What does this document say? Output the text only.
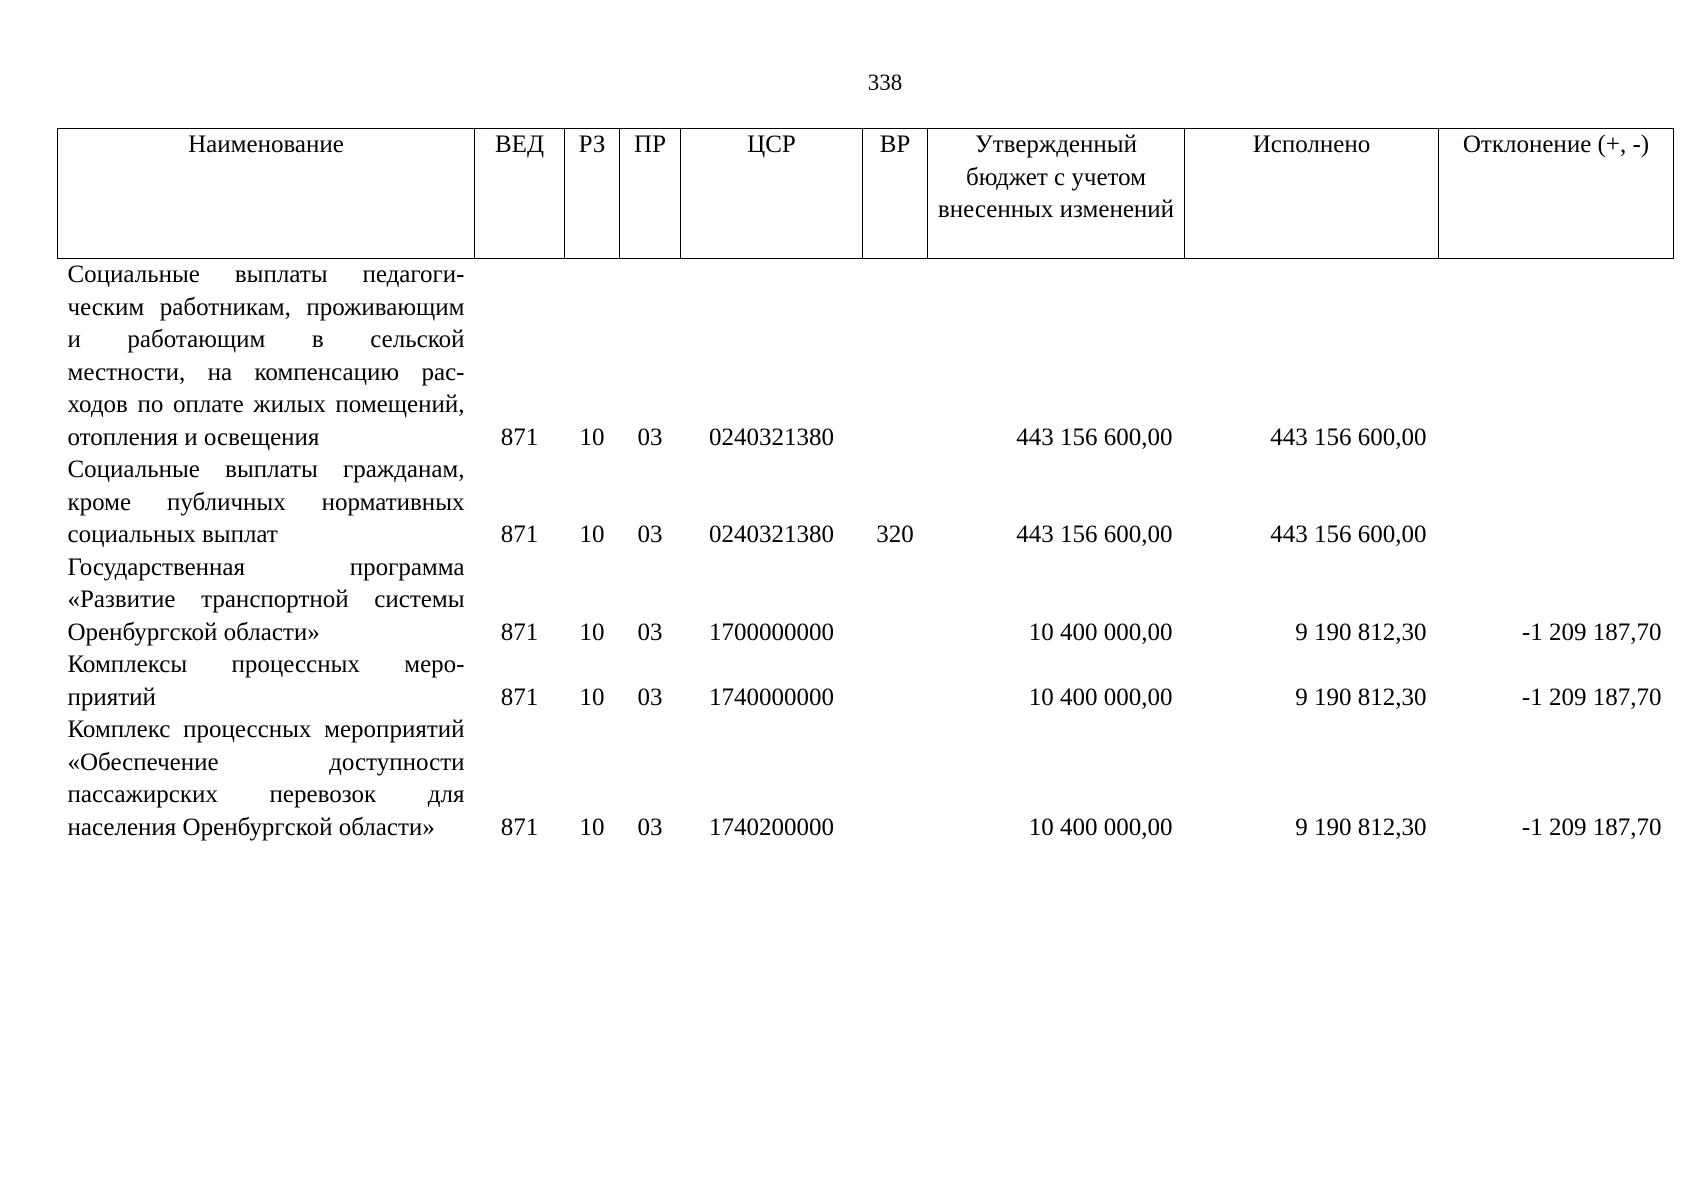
338
Наименование	ВЕД	РЗ	ПР	ЦСР	ВР	Утвержденный бюджет с учетом внесенных изменений	Исполнено	Отклонение (+, -)
Социальные выплаты педагогическим работникам, проживающим и работающим в сельской местности, на компенсацию расходов по оплате жилых помещений, отопления и освещения	871	10	03	0240321380		443 156 600,00	443 156 600,00	
Социальные выплаты гражданам, кроме публичных нормативных социальных выплат	871	10	03	0240321380	320	443 156 600,00	443 156 600,00	
Государственная программа «Развитие транспортной системы Оренбургской области»	871	10	03	1700000000		10 400 000,00	9 190 812,30	-1 209 187,70
Комплексы процессных мероприятий	871	10	03	1740000000		10 400 000,00	9 190 812,30	-1 209 187,70
Комплекс процессных мероприятий «Обеспечение доступности пассажирских перевозок для населения Оренбургской области»	871	10	03	1740200000		10 400 000,00	9 190 812,30	-1 209 187,70
